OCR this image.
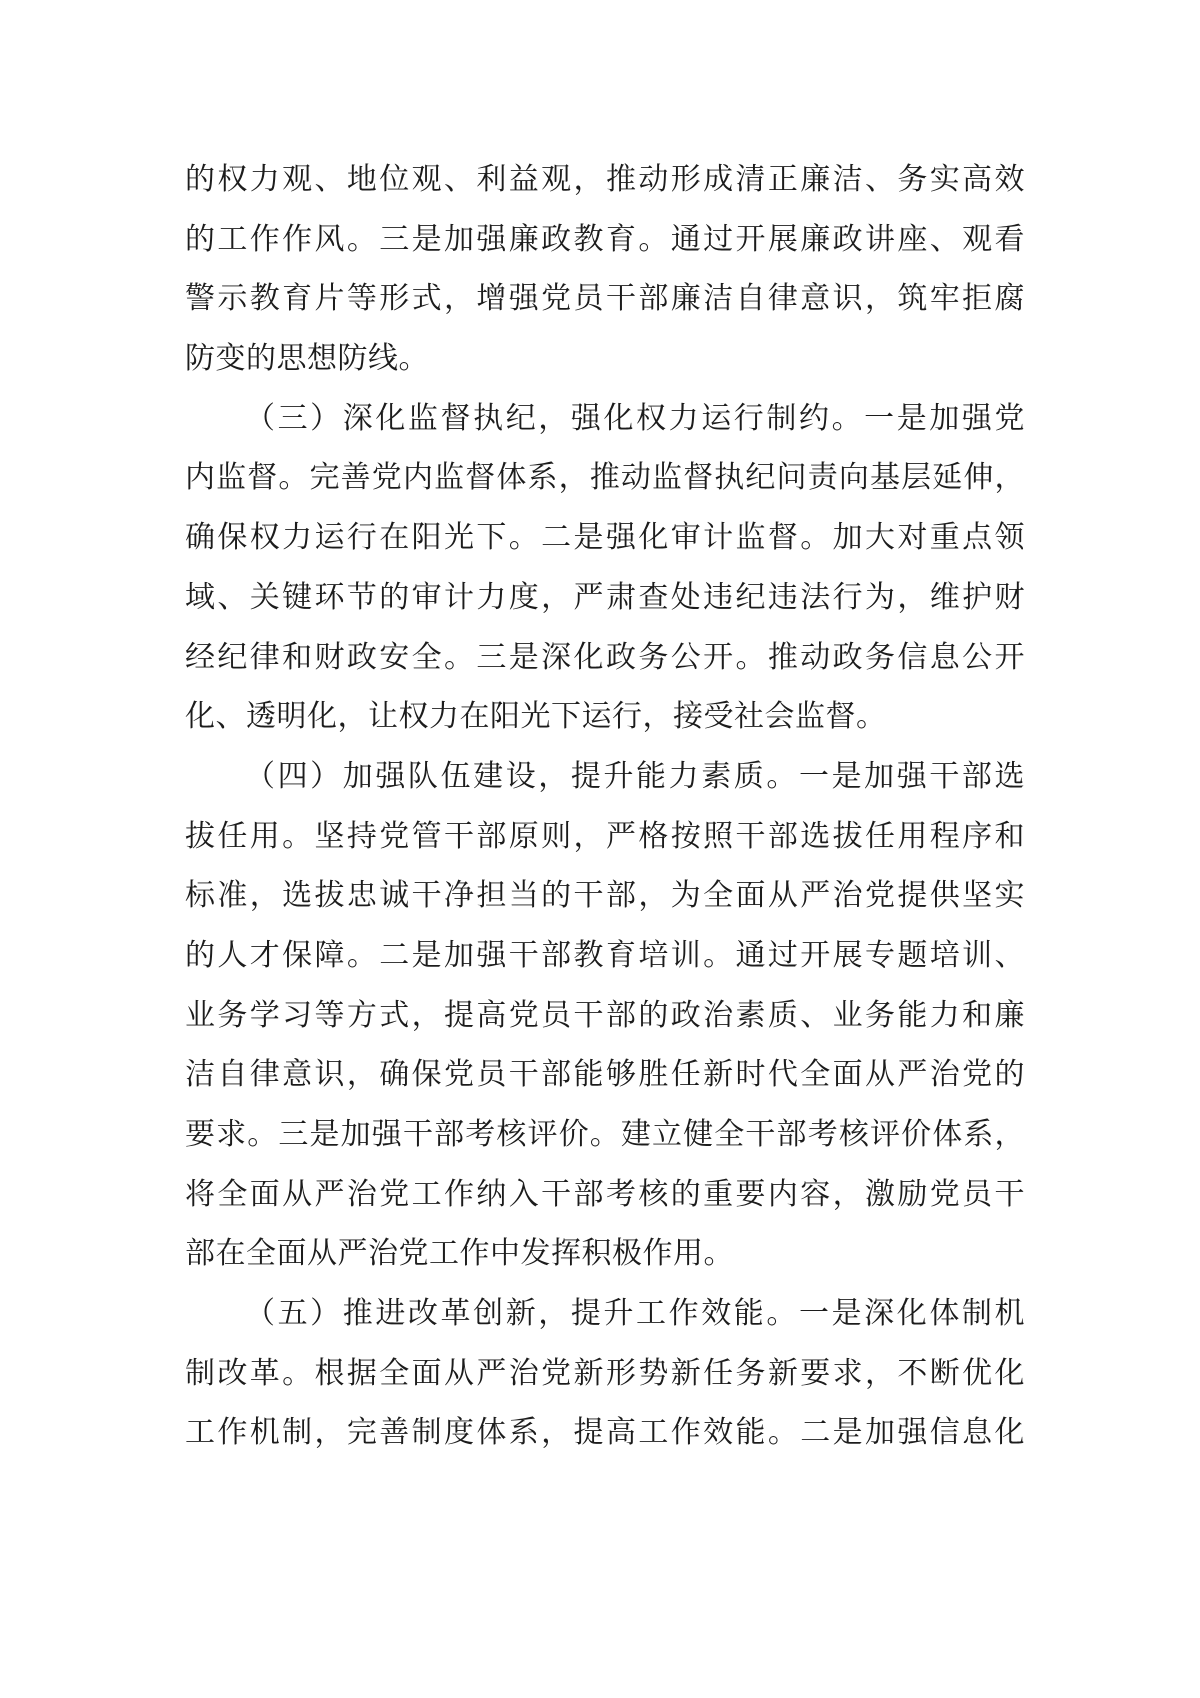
的权力观、地位观、利益观，推动形成清正廉洁、务实高效
的工作作风。三是加强廉政教育。通过开展廉政讲座、观看
警示教育片等形式，增强党员干部廉洁自律意识，筑牢拒腐
防变的思想防线。
（三）深化监督执纪，强化权力运行制约。一是加强党
内监督。完善党内监督体系，推动监督执纪问责向基层延伸，
确保权力运行在阳光下。二是强化审计监督。加大对重点领
域、关键环节的审计力度，严肃查处违纪违法行为，维护财
经纪律和财政安全。三是深化政务公开。推动政务信息公开
化、透明化，让权力在阳光下运行，接受社会监督。
（四）加强队伍建设，提升能力素质。一是加强干部选
拔任用。坚持党管干部原则，严格按照干部选拔任用程序和
标准，选拔忠诚干净担当的干部，为全面从严治党提供坚实
的人才保障。二是加强干部教育培训。通过开展专题培训、
业务学习等方式，提高党员干部的政治素质、业务能力和廉
洁自律意识，确保党员干部能够胜任新时代全面从严治党的
要求。三是加强干部考核评价。建立健全干部考核评价体系，
将全面从严治党工作纳入干部考核的重要内容，激励党员干
部在全面从严治党工作中发挥积极作用。
（五）推进改革创新，提升工作效能。一是深化体制机
制改革。根据全面从严治党新形势新任务新要求，不断优化
工作机制，完善制度体系，提高工作效能。二是加强信息化
